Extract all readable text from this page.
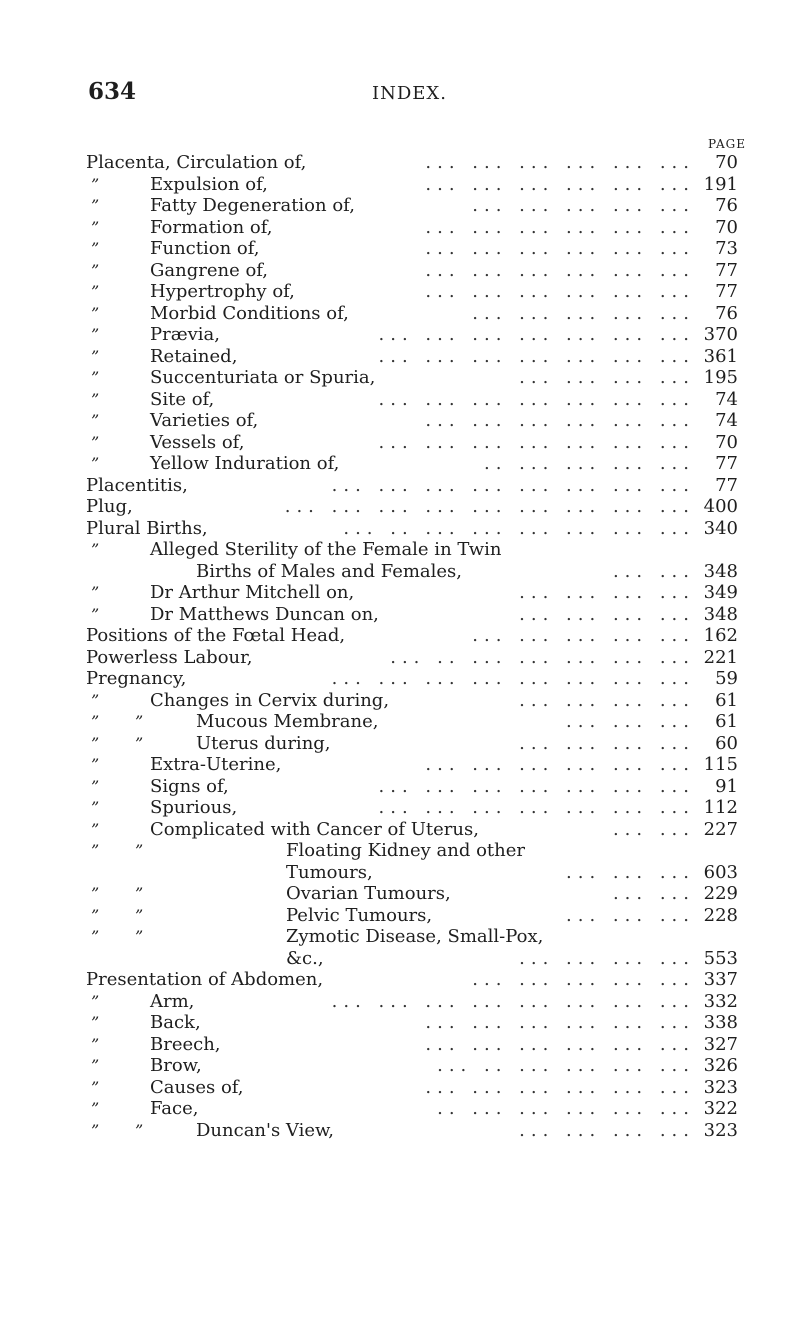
634	INDEX.
PAGE
Placenta, Circulation of,	... ... ... ... ... ... 70
”	Expulsion of,	... ... ... ... ... ... 191
”	Fatty Degeneration of,	... ... ... ... ... 76
”	Formation of,	... ... ... ... ... ... 70
”	Function of,	... ... ... ... ... ... 73
”	Gangrene of,	... ... ... ... ... ... 77
”	Hypertrophy of,	... ... ... ... ... ... 77
”	Morbid Conditions of,	... ... ... ... ... 76
”	Prævia,	... ... ... ... ... ... ... 370
”	Retained,	... ... ... ... ... ... ... 361
”	Succenturiata or Spuria,	... ... ... ... 195
”	Site of,	... ... ... ... ... ... ... 74
”	Varieties of,	... ... ... ... ... ... 74
”	Vessels of,	... ... ... ... ... ... ... 70
”	Yellow Induration of,	.. ... ... ... ... 77
Placentitis,	... ... ... ... ... ... ... ... 77
Plug,	... ... ... ... ... ... ... ... ... 400
Plural Births,	... .. ... ... ... ... ... ... 340
”	Alleged Sterility of the Female in Twin
Births of Males and Females,	... ... 348
”	Dr Arthur Mitchell on,	... ... ... ... 349
”	Dr Matthews Duncan on,	... ... ... ... 348
Positions of the Fœtal Head,	... ... ... ... ... 162
Powerless Labour,	... .. ... ... ... ... ... 221
Pregnancy,	... ... ... ... ... ... ... ... 59
”	Changes in Cervix during,	... ... ... ... 61
” ”	Mucous Membrane,	... ... ... 61
” ”	Uterus during,	... ... ... ... 60
”	Extra-Uterine,	... ... ... ... ... ... 115
”	Signs of,	... ... ... ... ... ... ... 91
”	Spurious,	... ... ... ... ... ... ... 112
”	Complicated with Cancer of Uterus,	... ... 227
” ”	Floating Kidney and other
Tumours,	... ... ... 603
” ”	Ovarian Tumours,	... ... 229
” ”	Pelvic Tumours,	... ... ... 228
” ”	Zymotic Disease, Small-Pox,
&c.,	... ... ... ... 553
Presentation of Abdomen,	... ... ... ... ... 337
”	Arm,	... ... ... ... ... ... ... ... 332
”	Back,	... ... ... ... ... ... 338
”	Breech,	... ... ... ... ... ... 327
”	Brow,	... .. ... ... ... ... 326
”	Causes of,	... ... ... ... ... ... 323
”	Face,	.. ... ... ... ... ... 322
” ”	Duncan's View,	... ... ... ... 323
